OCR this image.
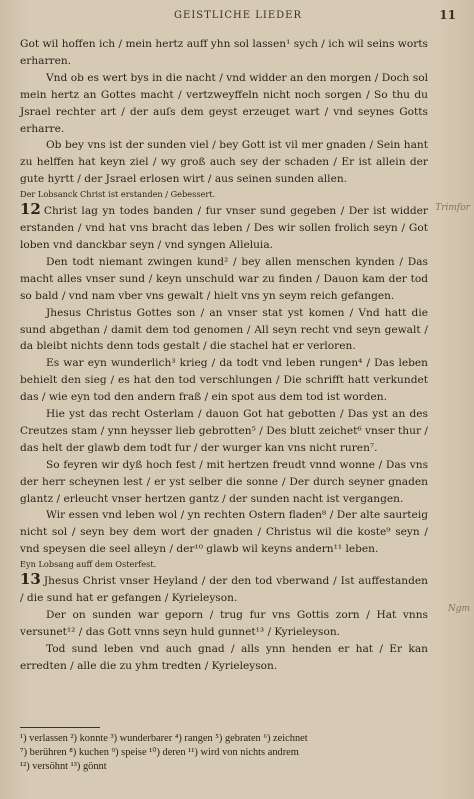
GEISTLICHE LIEDER	11

Got wil hoffen ich / mein hertz auff yhn sol lassen¹ sych / ich wil seins worts erharren.

Vnd ob es wert bys in die nacht / vnd widder an den morgen / Doch sol mein hertz an Gottes macht / vertzweyffeln nicht noch sorgen / So thu du Jsrael rechter art / der auſs dem geyst erzeuget wart / vnd seynes Gotts erharre.

Ob bey vns ist der sunden viel / bey Gott ist vil mer gnaden / Sein hant zu helffen hat keyn ziel / wy groß auch sey der schaden / Er ist allein der gute hyrtt / der Jsrael erlosen wirt / aus seinen sunden allen.

Der Lobsanck Christ ist erstanden / Gebessert.

12 Christ lag yn todes banden / fur vnser sund gegeben / Der ist widder erstanden / vnd hat vns bracht das leben / Des wir sollen frolich seyn / Got loben vnd danckbar seyn / vnd syngen Alleluia.

Den todt niemant zwingen kund² / bey allen menschen kynden / Das macht alles vnser sund / keyn unschuld war zu finden / Dauon kam der tod so bald / vnd nam vber vns gewalt / hielt vns yn seym reich gefangen.

Jhesus Christus Gottes son / an vnser stat yst komen / Vnd hatt die sund abgethan / damit dem tod genomen / All seyn recht vnd seyn gewalt / da bleibt nichts denn tods gestalt / die stachel hat er verloren.

Es war eyn wunderlich³ krieg / da todt vnd leben rungen⁴ / Das leben behielt den sieg / es hat den tod verschlungen / Die schrifft hatt verkundet das / wie eyn tod den andern fraß / ein spot aus dem tod ist worden.

Hie yst das recht Osterlam / dauon Got hat gebotten / Das yst an des Creutzes stam / ynn heysser lieb gebrotten⁵ / Des blutt zeichet⁶ vnser thur / das helt der glawb dem todt fur / der wurger kan vns nicht ruren⁷.

So feyren wir dyß hoch fest / mit hertzen freudt vnnd wonne / Das vns der herr scheynen lest / er yst selber die sonne / Der durch seyner gnaden glantz / erleucht vnser hertzen gantz / der sunden nacht ist vergangen.

Wir essen vnd leben wol / yn rechten Ostern fladen⁸ / Der alte saurteig nicht sol / seyn bey dem wort der gnaden / Christus wil die koste⁹ seyn / vnd speysen die seel alleyn / der¹⁰ glawb wil keyns andern¹¹ leben.

Eyn Lobsang auff dem Osterfest.

13 Jhesus Christ vnser Heyland / der den tod vberwand / Ist auffestanden / die sund hat er gefangen / Kyrieleyson.

Der on sunden war geporn / trug fur vns Gottis zorn / Hat vnns versunet¹² / das Gott vnns seyn huld gunnet¹³ / Kyrieleyson.

Tod sund leben vnd auch gnad / alls ynn henden er hat / Er kan erredten / alle die zu yhm tredten / Kyrieleyson.

Trimfor
Ngm
¹) verlassen ²) konnte ³) wunderbarer ⁴) rangen ⁵) gebraten ⁶) zeichnet
⁷) berühren ⁸) kuchen ⁹) speise ¹⁰) deren ¹¹) wird von nichts andrem
¹²) versöhnt ¹³) gönnt
